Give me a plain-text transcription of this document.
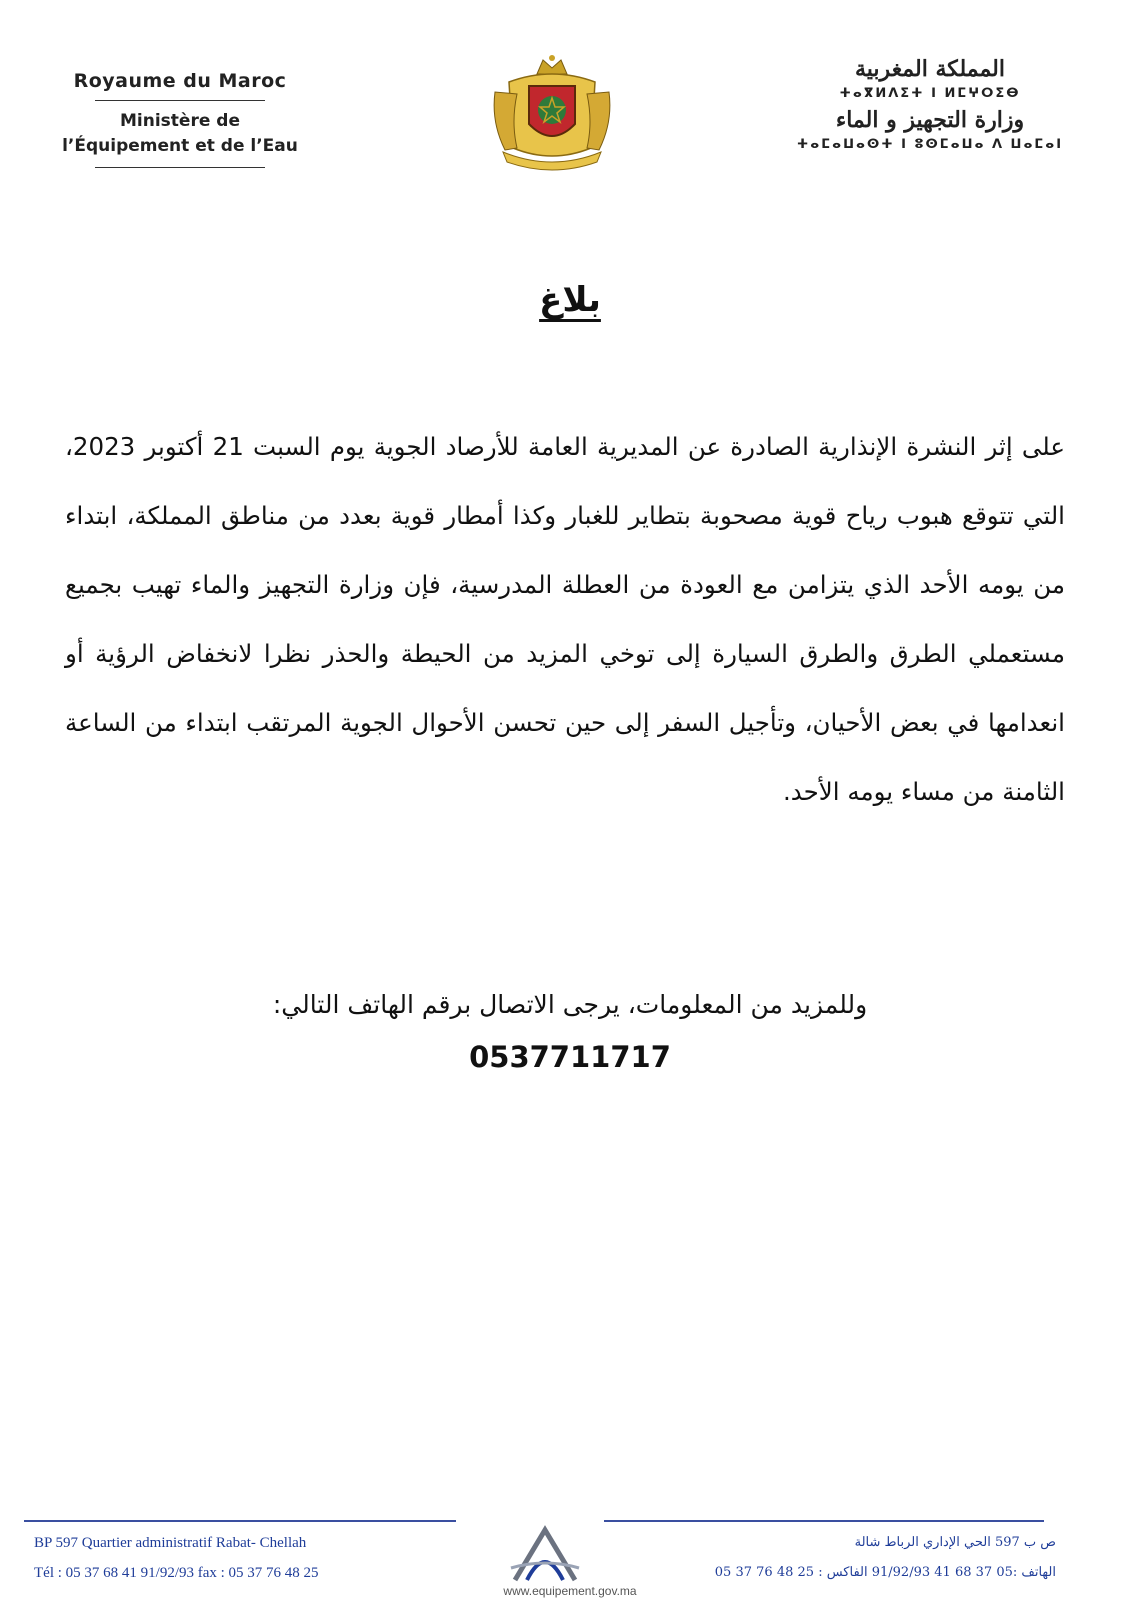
Royaume du Maroc
Ministère de
l’Équipement et de l’Eau
المملكة المغربية
ⵜⴰⴳⵍⴷⵉⵜ ⵏ ⵍⵎⵖⵔⵉⴱ
وزارة التجهيز و الماء
ⵜⴰⵎⴰⵡⴰⵙⵜ ⵏ ⵓⵙⵎⴰⵡⴰ ⴷ ⵡⴰⵎⴰⵏ
بلاغ
على إثر النشرة الإنذارية الصادرة عن المديرية العامة للأرصاد الجوية يوم السبت 21 أكتوبر 2023، التي تتوقع هبوب رياح قوية مصحوبة بتطاير للغبار وكذا أمطار قوية بعدد من مناطق المملكة، ابتداء من يومه الأحد الذي يتزامن مع العودة من العطلة المدرسية، فإن وزارة التجهيز والماء تهيب بجميع مستعملي الطرق والطرق السيارة إلى توخي المزيد من الحيطة والحذر نظرا لانخفاض الرؤية أو انعدامها في بعض الأحيان، وتأجيل السفر إلى حين تحسن الأحوال الجوية المرتقب ابتداء من الساعة الثامنة من مساء يومه الأحد.
وللمزيد من المعلومات، يرجى الاتصال برقم الهاتف التالي:
0537711717
BP 597 Quartier administratif Rabat- Chellah
Tél : 05 37 68 41 91/92/93 fax : 05 37 76 48 25
ص ب 597 الحي الإداري الرباط شالة
الهاتف :05 37 68 41 91/92/93 الفاكس : 25 48 76 37 05
www.equipement.gov.ma
